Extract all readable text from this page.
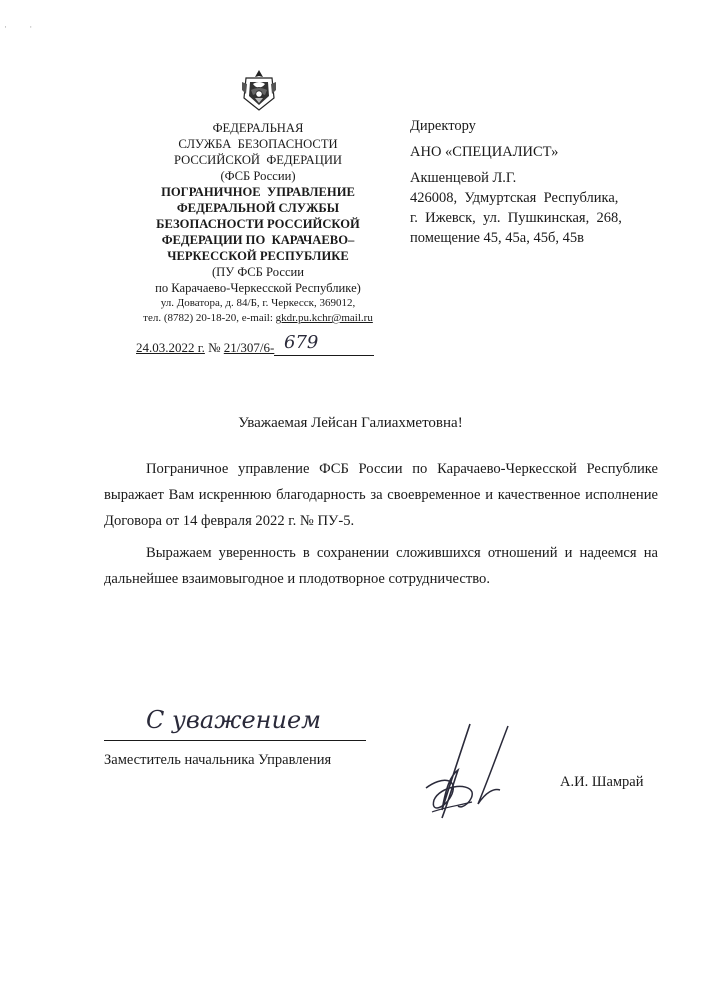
· ·
ФЕДЕРАЛЬНАЯ
СЛУЖБА  БЕЗОПАСНОСТИ
РОССИЙСКОЙ  ФЕДЕРАЦИИ
(ФСБ России)
ПОГРАНИЧНОЕ  УПРАВЛЕНИЕ
ФЕДЕРАЛЬНОЙ СЛУЖБЫ
БЕЗОПАСНОСТИ РОССИЙСКОЙ
ФЕДЕРАЦИИ ПО  КАРАЧАЕВО–
ЧЕРКЕССКОЙ РЕСПУБЛИКЕ
(ПУ ФСБ России
по Карачаево-Черкесской Республике)
ул. Доватора, д. 84/Б, г. Черкесск, 369012,
тел. (8782) 20-18-20, e-mail: gkdr.pu.kchr@mail.ru
24.03.2022 г. № 21/307/6- 679
Директору
АНО «СПЕЦИАЛИСТ»
Акшенцевой Л.Г.
426008,  Удмуртская  Республика,
г.  Ижевск,  ул.  Пушкинская,  268,
помещение 45, 45а, 45б, 45в
Уважаемая Лейсан Галиахметовна!
Пограничное управление ФСБ России по Карачаево-Черкесской Республике выражает Вам искреннюю благодарность за своевременное и качественное исполнение Договора от 14 февраля 2022 г. № ПУ-5.
Выражаем уверенность в сохранении сложившихся отношений и надеемся на дальнейшее взаимовыгодное и плодотворное сотрудничество.
С уважением
Заместитель начальника Управления
А.И. Шамрай
